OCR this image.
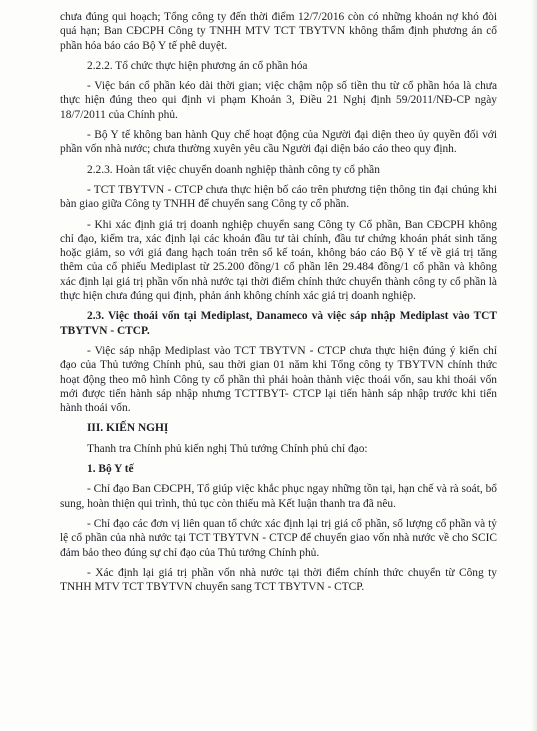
chưa đúng qui hoạch; Tổng công ty đến thời điểm 12/7/2016 còn có những khoản nợ khó đòi quá hạn; Ban CĐCPH Công ty TNHH MTV TCT TBYTVN không thẩm định phương án cổ phần hóa báo cáo Bộ Y tế phê duyệt.

2.2.2. Tổ chức thực hiện phương án cổ phần hóa

- Việc bán cổ phần kéo dài thời gian; việc chậm nộp số tiền thu từ cổ phần hóa là chưa thực hiện đúng theo qui định vi phạm Khoản 3, Điều 21 Nghị định 59/2011/NĐ-CP ngày 18/7/2011 của Chính phủ.

- Bộ Y tế không ban hành Quy chế hoạt động của Người đại diện theo ủy quyền đối với phần vốn nhà nước; chưa thường xuyên yêu cầu Người đại diện báo cáo theo quy định.

2.2.3. Hoàn tất việc chuyển doanh nghiệp thành công ty cổ phần

- TCT TBYTVN - CTCP chưa thực hiện bố cáo trên phương tiện thông tin đại chúng khi bàn giao giữa Công ty TNHH để chuyển sang Công ty cổ phần.

- Khi xác định giá trị doanh nghiệp chuyển sang Công ty Cổ phần, Ban CĐCPH không chỉ đạo, kiểm tra, xác định lại các khoản đầu tư tài chính, đầu tư chứng khoán phát sinh tăng hoặc giảm, so với giá đang hạch toán trên sổ kế toán, không báo cáo Bộ Y tế về giá trị tăng thêm của cổ phiếu Mediplast từ 25.200 đồng/1 cổ phần lên 29.484 đồng/1 cổ phần và không xác định lại giá trị phần vốn nhà nước tại thời điểm chính thức chuyển thành công ty cổ phần là thực hiện chưa đúng qui định, phản ánh không chính xác giá trị doanh nghiệp.

2.3. Việc thoái vốn tại Mediplast, Danameco và việc sáp nhập Mediplast vào TCT TBYTVN - CTCP.

- Việc sáp nhập Mediplast vào TCT TBYTVN - CTCP chưa thực hiện đúng ý kiến chỉ đạo của Thủ tướng Chính phủ, sau thời gian 01 năm khi Tổng công ty TBYTVN chính thức hoạt động theo mô hình Công ty cổ phần thì phải hoàn thành việc thoái vốn, sau khi thoái vốn mới được tiến hành sáp nhập nhưng TCTTBYT- CTCP lại tiến hành sáp nhập trước khi tiến hành thoái vốn.

III. KIẾN NGHỊ

Thanh tra Chính phủ kiến nghị Thủ tướng Chính phủ chỉ đạo:

1. Bộ Y tế

- Chỉ đạo Ban CĐCPH, Tổ giúp việc khắc phục ngay những tồn tại, hạn chế và rà soát, bổ sung, hoàn thiện qui trình, thủ tục còn thiếu mà Kết luận thanh tra đã nêu.

- Chỉ đạo các đơn vị liên quan tổ chức xác định lại trị giá cổ phần, số lượng cổ phần và tỷ lệ cổ phần của nhà nước tại TCT TBYTVN - CTCP để chuyển giao vốn nhà nước về cho SCIC đảm bảo theo đúng sự chỉ đạo của Thủ tướng Chính phủ.

- Xác định lại giá trị phần vốn nhà nước tại thời điểm chính thức chuyển từ Công ty TNHH MTV TCT TBYTVN chuyển sang TCT TBYTVN - CTCP.
